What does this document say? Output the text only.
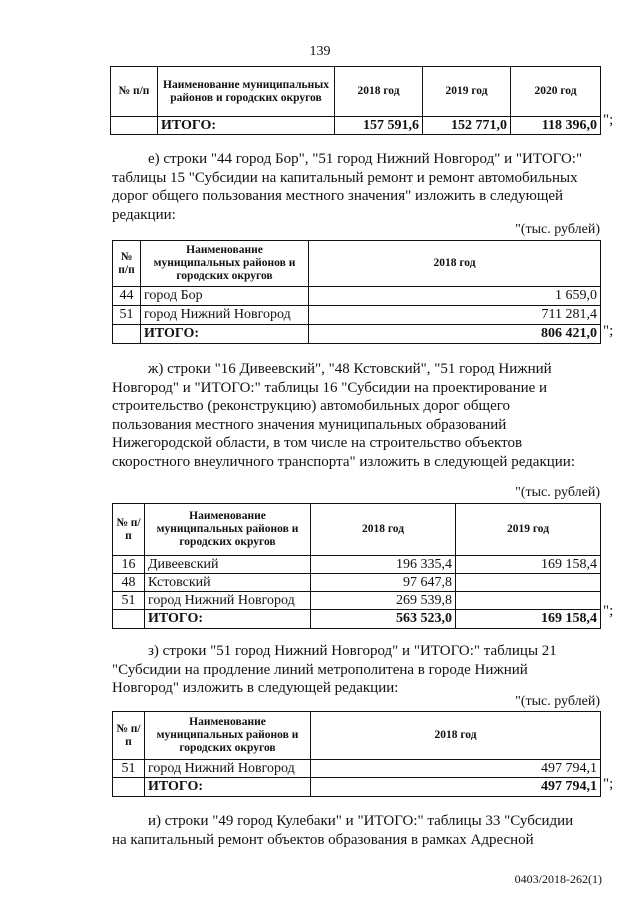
139
№ п/п	Наименование муниципальных районов и городских округов	2018 год	2019 год	2020 год
	ИТОГО:	157 591,6	152 771,0	118 396,0 ";
е) строки "44 город Бор", "51 город Нижний Новгород" и "ИТОГО:"
таблицы 15 "Субсидии на капитальный ремонт и ремонт автомобильных
дорог общего пользования местного значения" изложить в следующей
редакции:
"(тыс. рублей)
№ п/п	Наименование муниципальных районов и городских округов	2018 год
44	город Бор	1 659,0
51	город Нижний Новгород	711 281,4
	ИТОГО:	806 421,0 ";
ж) строки "16 Дивеевский", "48 Кстовский", "51 город Нижний
Новгород" и "ИТОГО:" таблицы 16 "Субсидии на проектирование и
строительство (реконструкцию) автомобильных дорог общего
пользования местного значения муниципальных образований
Нижегородской области, в том числе на строительство объектов
скоростного внеуличного транспорта" изложить в следующей редакции:
"(тыс. рублей)
№ п/п	Наименование муниципальных районов и городских округов	2018 год	2019 год
16	Дивеевский	196 335,4	169 158,4
48	Кстовский	97 647,8	
51	город Нижний Новгород	269 539,8	
	ИТОГО:	563 523,0	169 158,4 ";
з) строки "51 город Нижний Новгород" и "ИТОГО:" таблицы 21
"Субсидии на продление линий метрополитена в городе Нижний
Новгород" изложить в следующей редакции:
"(тыс. рублей)
№ п/п	Наименование муниципальных районов и городских округов	2018 год
51	город Нижний Новгород	497 794,1
	ИТОГО:	497 794,1 ";
и) строки "49 город Кулебаки" и "ИТОГО:" таблицы 33 "Субсидии
на капитальный ремонт объектов образования в рамках Адресной
0403/2018-262(1)
